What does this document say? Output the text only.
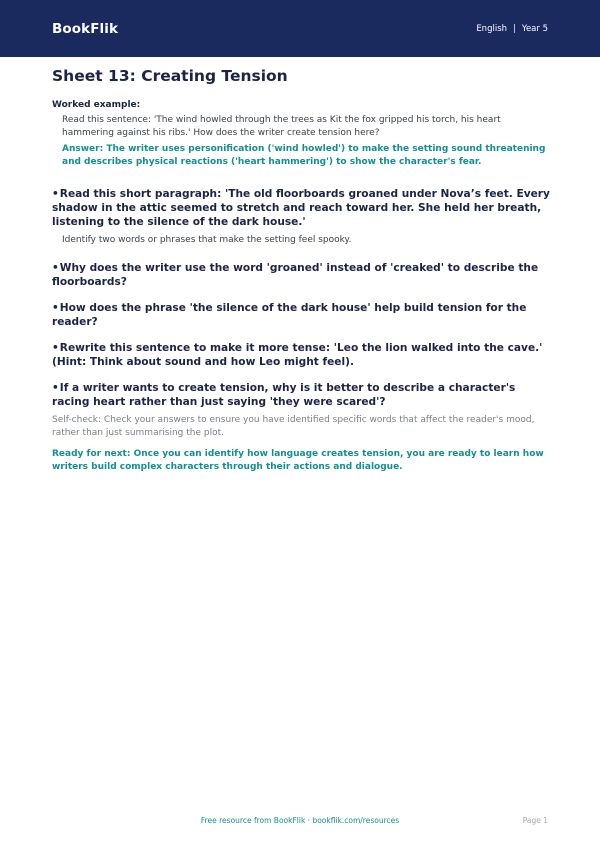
BookFlik	English | Year 5
Sheet 13: Creating Tension
Worked example:
Read this sentence: 'The wind howled through the trees as Kit the fox gripped his torch, his heart hammering against his ribs.' How does the writer create tension here?
Answer: The writer uses personification ('wind howled') to make the setting sound threatening and describes physical reactions ('heart hammering') to show the character's fear.
•Read this short paragraph: 'The old floorboards groaned under Nova’s feet. Every shadow in the attic seemed to stretch and reach toward her. She held her breath, listening to the silence of the dark house.'
Identify two words or phrases that make the setting feel spooky.
•Why does the writer use the word 'groaned' instead of 'creaked' to describe the floorboards?
•How does the phrase 'the silence of the dark house' help build tension for the reader?
•Rewrite this sentence to make it more tense: 'Leo the lion walked into the cave.' (Hint: Think about sound and how Leo might feel).
•If a writer wants to create tension, why is it better to describe a character's racing heart rather than just saying 'they were scared'?
Self-check: Check your answers to ensure you have identified specific words that affect the reader's mood, rather than just summarising the plot.
Ready for next: Once you can identify how language creates tension, you are ready to learn how writers build complex characters through their actions and dialogue.
Free resource from BookFlik · bookflik.com/resources	Page 1
